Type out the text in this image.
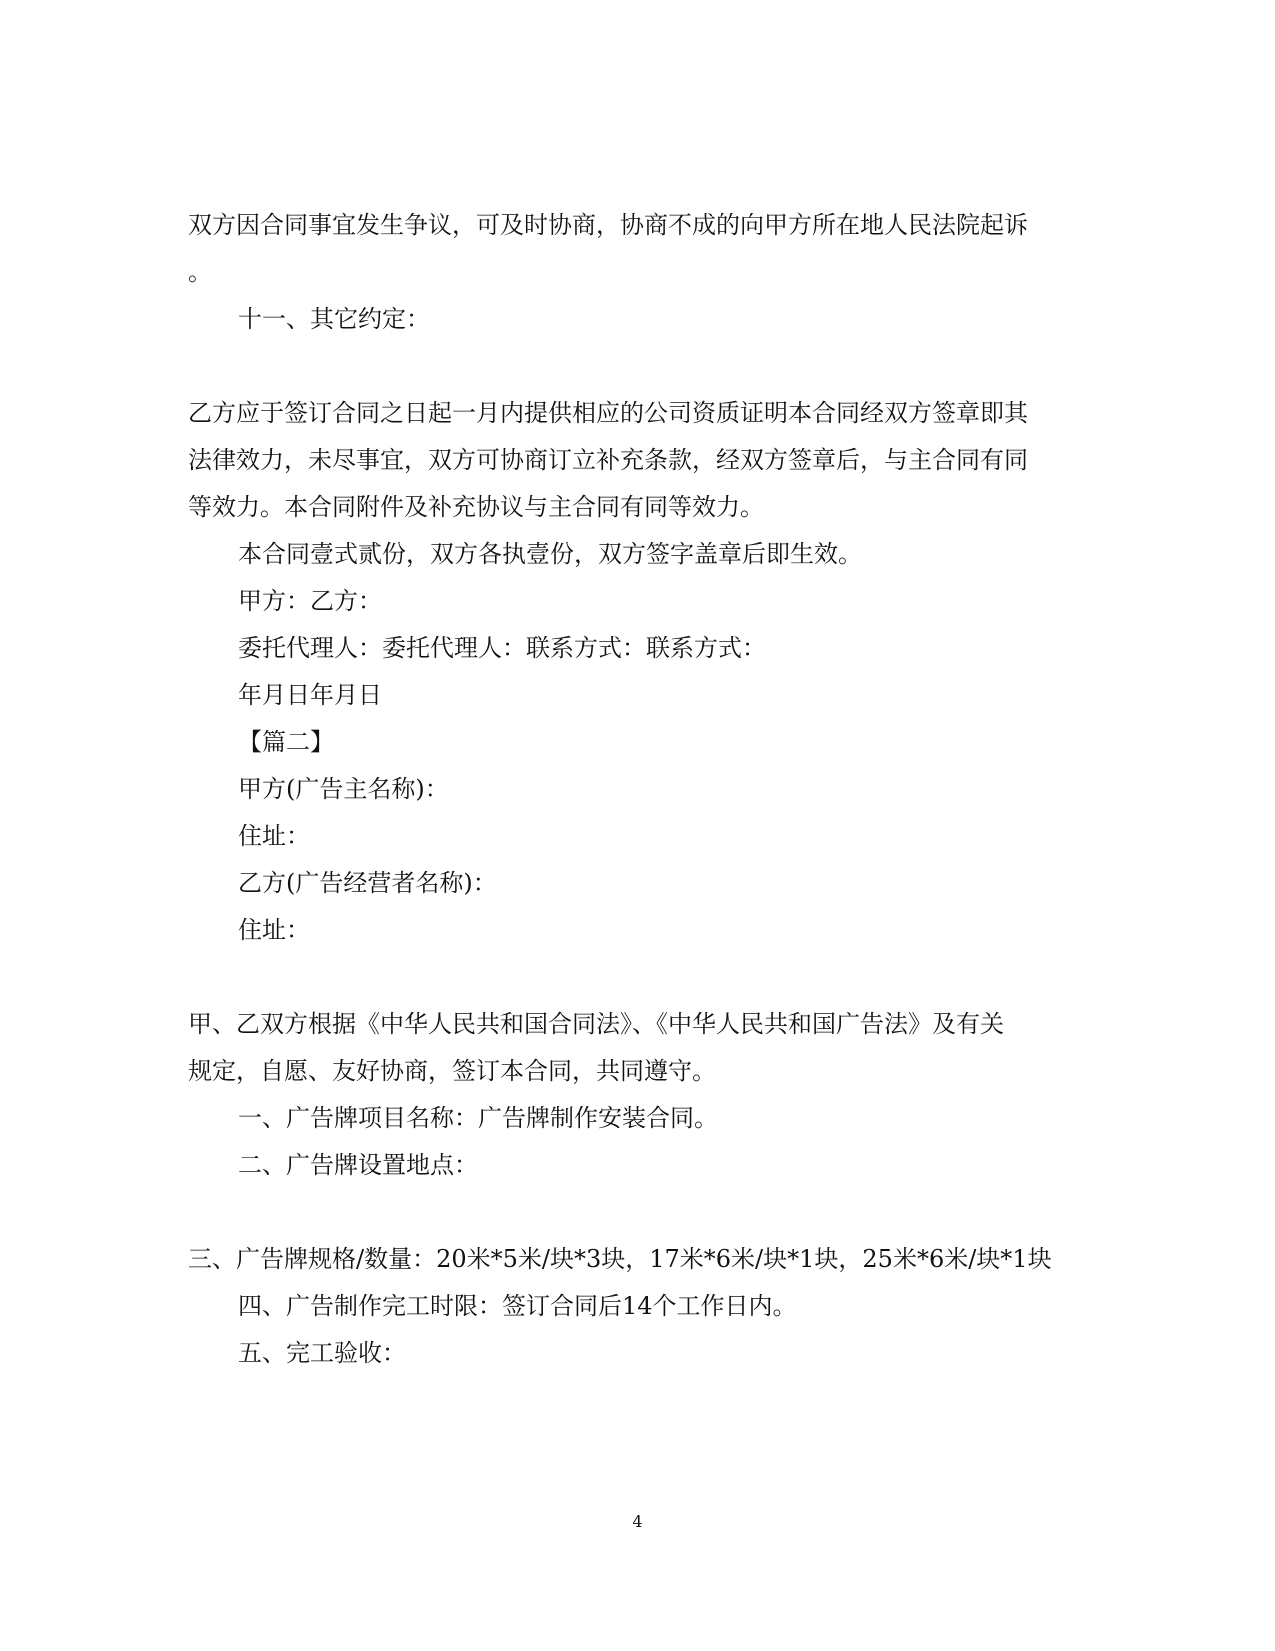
双方因合同事宜发生争议，可及时协商，协商不成的向甲方所在地人民法院起诉
。
十一、其它约定：
乙方应于签订合同之日起一月内提供相应的公司资质证明本合同经双方签章即其
法律效力，未尽事宜，双方可协商订立补充条款，经双方签章后，与主合同有同
等效力。本合同附件及补充协议与主合同有同等效力。
本合同壹式贰份，双方各执壹份，双方签字盖章后即生效。
甲方：乙方：
委托代理人：委托代理人：联系方式：联系方式：
年月日年月日
【篇二】
甲方(广告主名称)：
住址：
乙方(广告经营者名称)：
住址：
甲、乙双方根据《中华人民共和国合同法》、《中华人民共和国广告法》及有关
规定，自愿、友好协商，签订本合同，共同遵守。
一、广告牌项目名称：广告牌制作安装合同。
二、广告牌设置地点：
三、广告牌规格/数量：20米*5米/块*3块，17米*6米/块*1块，25米*6米/块*1块
四、广告制作完工时限：签订合同后14个工作日内。
五、完工验收：
4
